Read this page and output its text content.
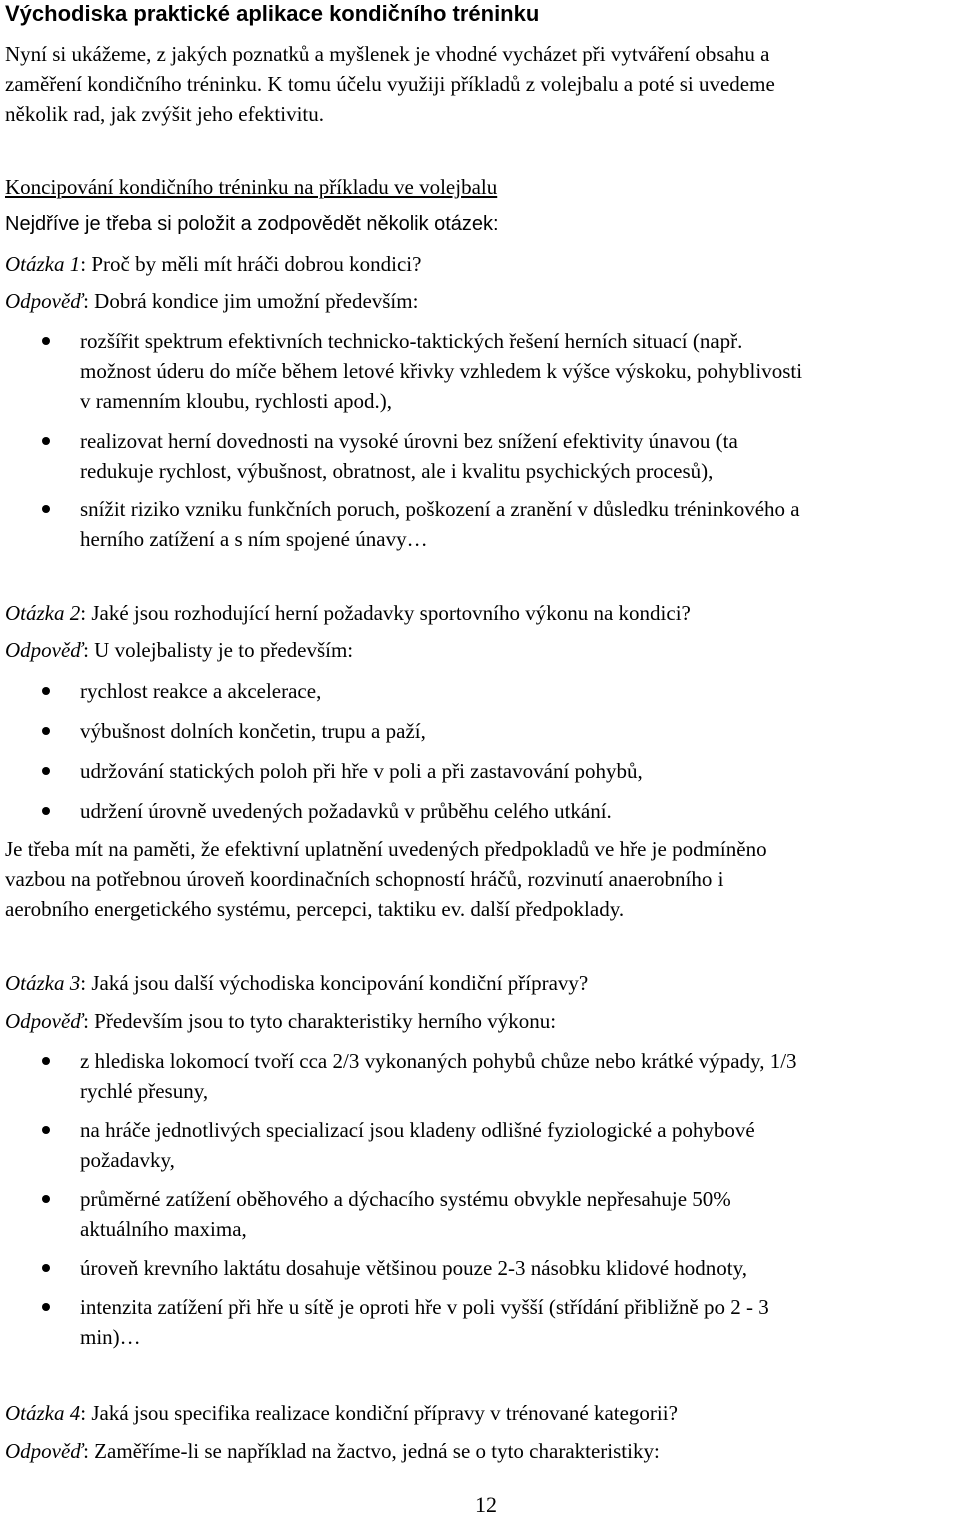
Východiska praktické aplikace kondičního tréninku
Nyní si ukážeme, z jakých poznatků a myšlenek je vhodné vycházet při vytváření obsahu a
zaměření kondičního tréninku. K tomu účelu využiji příkladů z volejbalu a poté si uvedeme
několik rad, jak zvýšit jeho efektivitu.
Koncipování kondičního tréninku na příkladu ve volejbalu
Nejdříve je třeba si položit a zodpovědět několik otázek:
Otázka 1: Proč by měli mít hráči dobrou kondici?
Odpověď: Dobrá kondice jim umožní především:
rozšířit spektrum efektivních technicko-taktických řešení herních situací (např.
možnost úderu do míče během letové křivky vzhledem k výšce výskoku, pohyblivosti
v ramenním kloubu, rychlosti apod.),
realizovat herní dovednosti na vysoké úrovni bez snížení efektivity únavou (ta
redukuje rychlost, výbušnost, obratnost, ale i kvalitu psychických procesů),
snížit riziko vzniku funkčních poruch, poškození a zranění v důsledku tréninkového a
herního zatížení a s ním spojené únavy…
Otázka 2: Jaké jsou rozhodující herní požadavky sportovního výkonu na kondici?
Odpověď: U volejbalisty je to především:
rychlost reakce a akcelerace,
výbušnost dolních končetin, trupu a paží,
udržování statických poloh při hře v poli a při zastavování pohybů,
udržení úrovně uvedených požadavků v průběhu celého utkání.
Je třeba mít na paměti, že efektivní uplatnění uvedených předpokladů ve hře je podmíněno
vazbou na potřebnou úroveň koordinačních schopností hráčů, rozvinutí anaerobního i
aerobního energetického systému, percepci, taktiku ev. další předpoklady.
Otázka 3: Jaká jsou další východiska koncipování kondiční přípravy?
Odpověď: Především jsou to tyto charakteristiky herního výkonu:
z hlediska lokomocí tvoří cca 2/3 vykonaných pohybů chůze nebo krátké výpady, 1/3
rychlé přesuny,
na hráče jednotlivých specializací jsou kladeny odlišné fyziologické a pohybové
požadavky,
průměrné zatížení oběhového a dýchacího systému obvykle nepřesahuje 50%
aktuálního maxima,
úroveň krevního laktátu dosahuje většinou pouze 2-3 násobku klidové hodnoty,
intenzita zatížení při hře u sítě je oproti hře v poli vyšší (střídání přibližně po 2 - 3
min)…
Otázka 4: Jaká jsou specifika realizace kondiční přípravy v trénované kategorii?
Odpověď: Zaměříme-li se například na žactvo, jedná se o tyto charakteristiky:
12
